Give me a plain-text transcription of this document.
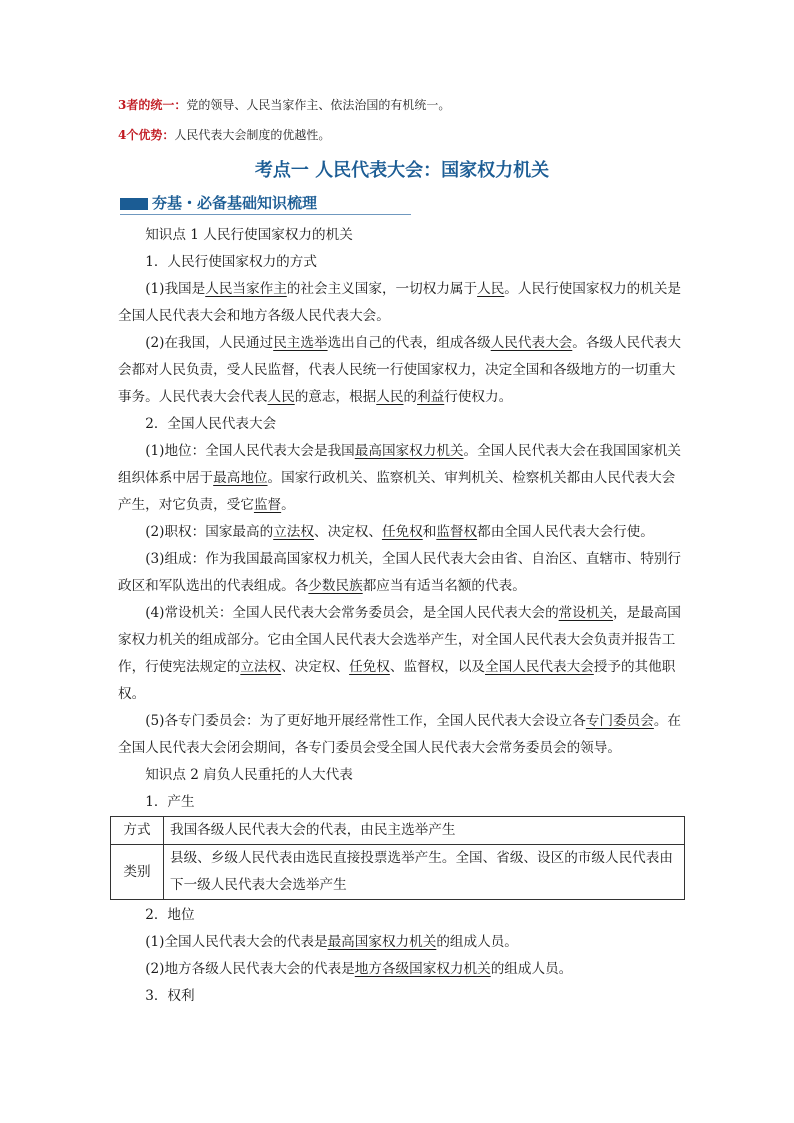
3者的统一：党的领导、人民当家作主、依法治国的有机统一。

4个优势：人民代表大会制度的优越性。

考点一 人民代表大会：国家权力机关
夯基・必备基础知识梳理

知识点 1 人民行使国家权力的机关

1．人民行使国家权力的方式

(1)我国是人民当家作主的社会主义国家，一切权力属于人民。人民行使国家权力的机关是全国人民代表大会和地方各级人民代表大会。

(2)在我国，人民通过民主选举选出自己的代表，组成各级人民代表大会。各级人民代表大会都对人民负责，受人民监督，代表人民统一行使国家权力，决定全国和各级地方的一切重大事务。人民代表大会代表人民的意志，根据人民的利益行使权力。

2．全国人民代表大会

(1)地位：全国人民代表大会是我国最高国家权力机关。全国人民代表大会在我国国家机关组织体系中居于最高地位。国家行政机关、监察机关、审判机关、检察机关都由人民代表大会产生，对它负责，受它监督。

(2)职权：国家最高的立法权、决定权、任免权和监督权都由全国人民代表大会行使。

(3)组成：作为我国最高国家权力机关，全国人民代表大会由省、自治区、直辖市、特别行政区和军队选出的代表组成。各少数民族都应当有适当名额的代表。

(4)常设机关：全国人民代表大会常务委员会，是全国人民代表大会的常设机关，是最高国家权力机关的组成部分。它由全国人民代表大会选举产生，对全国人民代表大会负责并报告工作，行使宪法规定的立法权、决定权、任免权、监督权，以及全国人民代表大会授予的其他职权。

(5)各专门委员会：为了更好地开展经常性工作，全国人民代表大会设立各专门委员会。在全国人民代表大会闭会期间，各专门委员会受全国人民代表大会常务委员会的领导。

知识点 2 肩负人民重托的人大代表

1．产生

方式	我国各级人民代表大会的代表，由民主选举产生
类别	县级、乡级人民代表由选民直接投票选举产生。全国、省级、设区的市级人民代表由下一级人民代表大会选举产生

2．地位

(1)全国人民代表大会的代表是最高国家权力机关的组成人员。

(2)地方各级人民代表大会的代表是地方各级国家权力机关的组成人员。

3．权利
